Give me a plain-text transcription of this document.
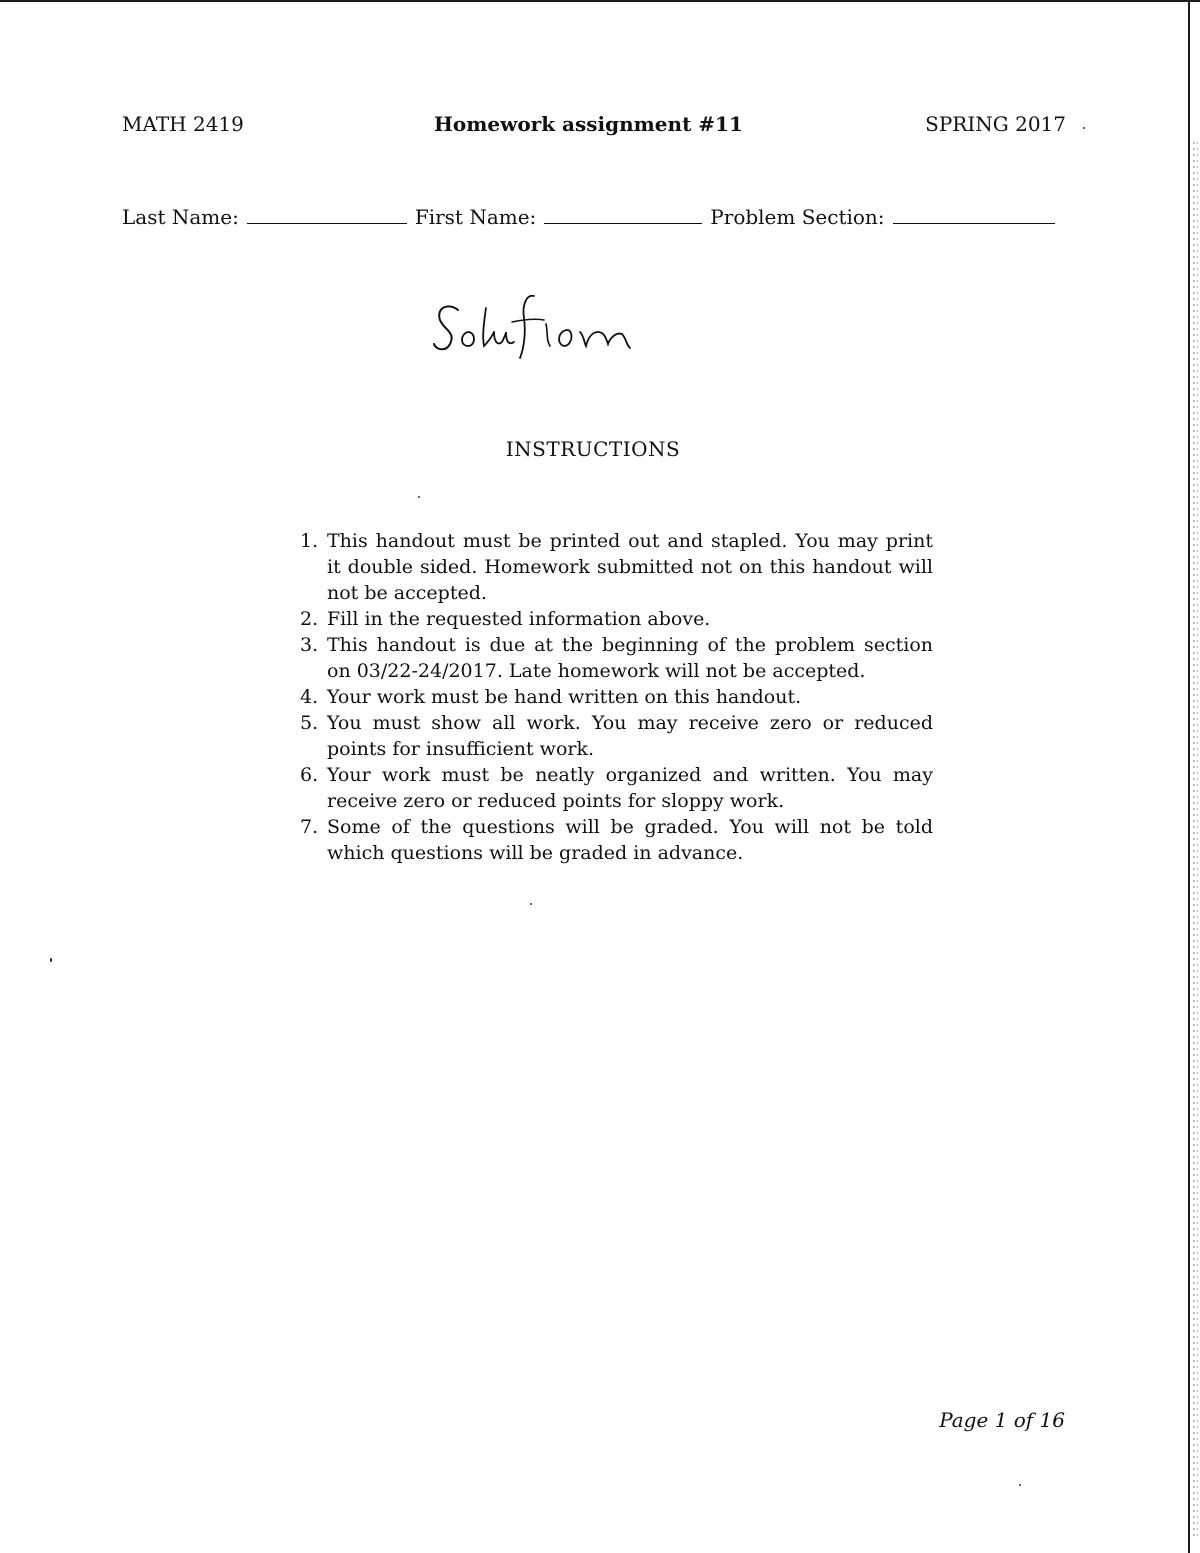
MATH 2419	Homework assignment #11	SPRING 2017
Last Name:	First Name:	Problem Section:
INSTRUCTIONS
1. This handout must be printed out and stapled. You may print it double sided. Homework submitted not on this handout will not be accepted.
2. Fill in the requested information above.
3. This handout is due at the beginning of the problem section on 03/22-24/2017. Late homework will not be accepted.
4. Your work must be hand written on this handout.
5. You must show all work. You may receive zero or reduced points for insufficient work.
6. Your work must be neatly organized and written. You may receive zero or reduced points for sloppy work.
7. Some of the questions will be graded. You will not be told which questions will be graded in advance.
Page 1 of 16
